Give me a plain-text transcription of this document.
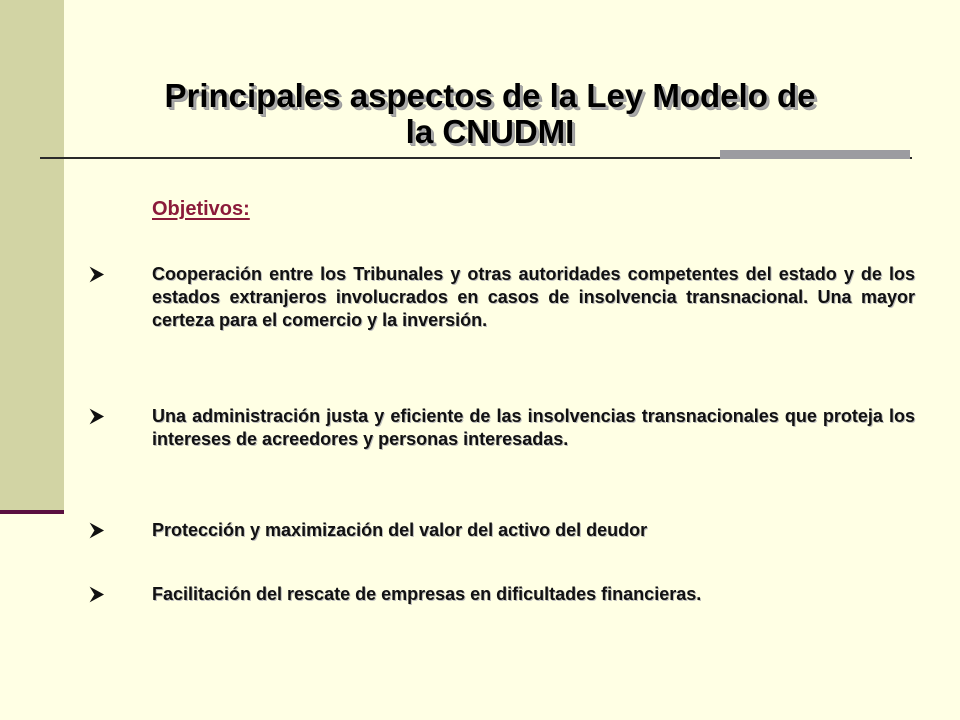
Principales aspectos de la Ley Modelo de la CNUDMI
Objetivos:
Cooperación entre los Tribunales y otras autoridades competentes del estado y de los estados extranjeros involucrados en casos de insolvencia transnacional. Una mayor certeza para el comercio y la inversión.
Una administración justa y eficiente de las insolvencias transnacionales que proteja los intereses de acreedores y personas interesadas.
Protección y maximización del valor del activo del deudor
Facilitación del rescate de empresas en dificultades financieras.
